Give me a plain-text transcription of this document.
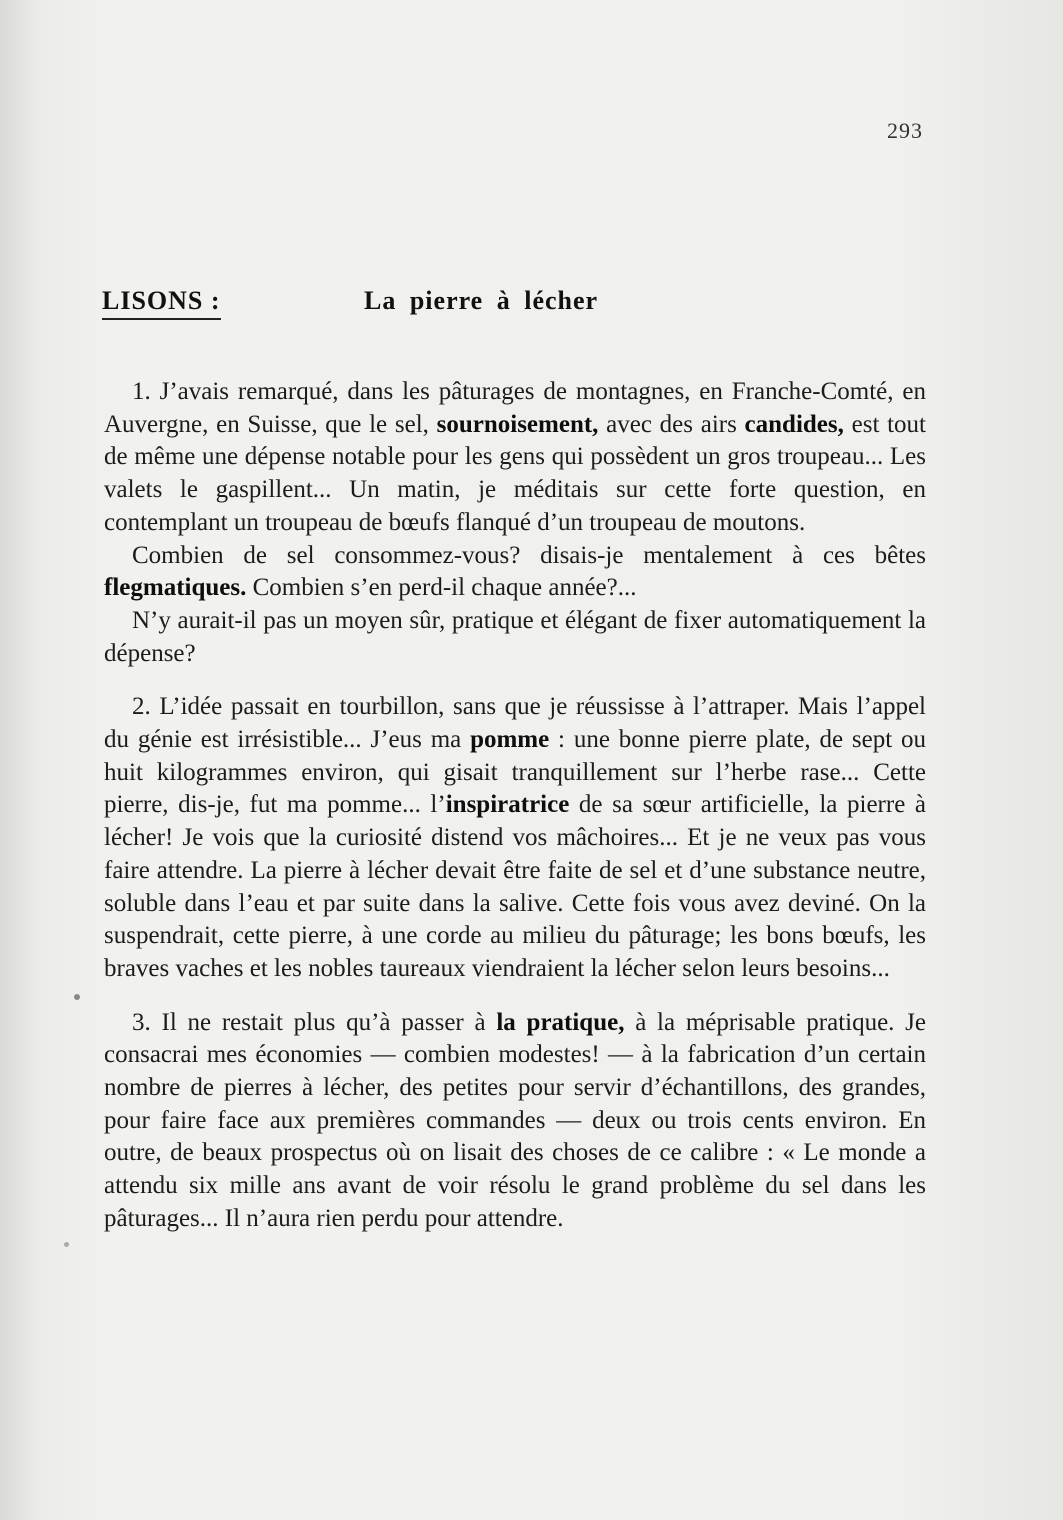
293
LISONS :	La pierre à lécher

1. J’avais remarqué, dans les pâturages de montagnes, en Franche-Comté, en Auvergne, en Suisse, que le sel, sournoisement, avec des airs candides, est tout de même une dépense notable pour les gens qui possèdent un gros troupeau... Les valets le gaspillent... Un matin, je méditais sur cette forte question, en contemplant un troupeau de bœufs flanqué d’un troupeau de moutons.

Combien de sel consommez-vous? disais-je mentalement à ces bêtes flegmatiques. Combien s’en perd-il chaque année?...

N’y aurait-il pas un moyen sûr, pratique et élégant de fixer automatiquement la dépense?

2. L’idée passait en tourbillon, sans que je réussisse à l’attraper. Mais l’appel du génie est irrésistible... J’eus ma pomme : une bonne pierre plate, de sept ou huit kilogrammes environ, qui gisait tranquillement sur l’herbe rase... Cette pierre, dis-je, fut ma pomme... l’inspiratrice de sa sœur artificielle, la pierre à lécher! Je vois que la curiosité distend vos mâchoires... Et je ne veux pas vous faire attendre. La pierre à lécher devait être faite de sel et d’une substance neutre, soluble dans l’eau et par suite dans la salive. Cette fois vous avez deviné. On la suspendrait, cette pierre, à une corde au milieu du pâturage; les bons bœufs, les braves vaches et les nobles taureaux viendraient la lécher selon leurs besoins...

3. Il ne restait plus qu’à passer à la pratique, à la méprisable pratique. Je consacrai mes économies — combien modestes! — à la fabrication d’un certain nombre de pierres à lécher, des petites pour servir d’échantillons, des grandes, pour faire face aux premières commandes — deux ou trois cents environ. En outre, de beaux prospectus où on lisait des choses de ce calibre : « Le monde a attendu six mille ans avant de voir résolu le grand problème du sel dans les pâturages... Il n’aura rien perdu pour attendre.
